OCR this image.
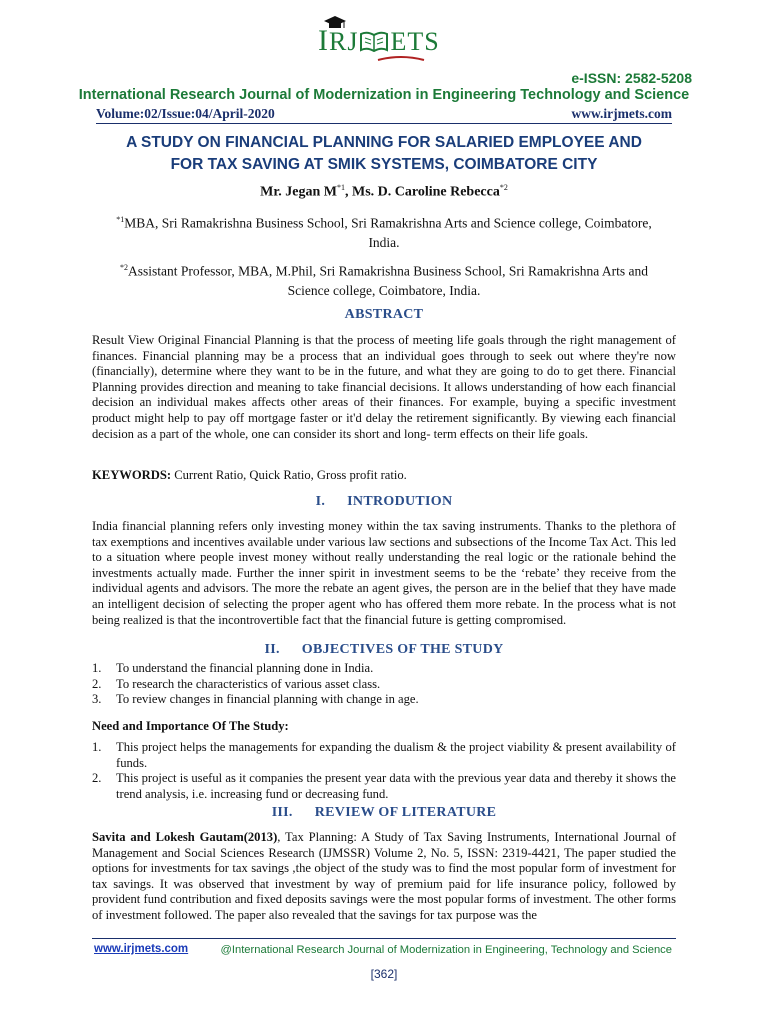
IRJ ETS
e-ISSN: 2582-5208
International Research Journal of Modernization in Engineering Technology and Science
Volume:02/Issue:04/April-2020	www.irjmets.com
A STUDY ON FINANCIAL PLANNING FOR SALARIED EMPLOYEE AND
FOR TAX SAVING AT SMIK SYSTEMS, COIMBATORE CITY
Mr. Jegan $M^{*1}$, Ms. D. Caroline Rebecca$^{*2}$
$^{*1}$MBA, Sri Ramakrishna Business School, Sri Ramakrishna Arts and Science college, Coimbatore, India.
$^{*2}$Assistant Professor, MBA, M.Phil, Sri Ramakrishna Business School, Sri Ramakrishna Arts and Science college, Coimbatore, India.
ABSTRACT

Result View Original Financial Planning is that the process of meeting life goals through the right management of finances. Financial planning may be a process that an individual goes through to seek out where they're now (financially), determine where they want to be in the future, and what they are going to do to get there. Financial Planning provides direction and meaning to take financial decisions. It allows understanding of how each financial decision an individual makes affects other areas of their finances. For example, buying a specific investment product might help to pay off mortgage faster or it'd delay the retirement significantly. By viewing each financial decision as a part of the whole, one can consider its short and long- term effects on their life goals.

KEYWORDS: Current Ratio, Quick Ratio, Gross profit ratio.
I. INTRODUTION

India financial planning refers only investing money within the tax saving instruments. Thanks to the plethora of tax exemptions and incentives available under various law sections and subsections of the Income Tax Act. This led to a situation where people invest money without really understanding the real logic or the rationale behind the investments actually made. Further the inner spirit in investment seems to be the ‘rebate’ they receive from the individual agents and advisors. The more the rebate an agent gives, the person are in the belief that they have made an intelligent decision of selecting the proper agent who has offered them more rebate. In the process what is not being realized is that the incontrovertible fact that the financial future is getting compromised.

II. OBJECTIVES OF THE STUDY
1. To understand the financial planning done in India.
2. To research the characteristics of various asset class.
3. To review changes in financial planning with change in age.
Need and Importance Of The Study:
1. This project helps the managements for expanding the dualism & the project viability & present availability of funds.
2. This project is useful as it companies the present year data with the previous year data and thereby it shows the trend analysis, i.e. increasing fund or decreasing fund.
III. REVIEW OF LITERATURE

Savita and Lokesh Gautam(2013), Tax Planning: A Study of Tax Saving Instruments, International Journal of Management and Social Sciences Research (IJMSSR) Volume 2, No. 5, ISSN: 2319-4421, The paper studied the options for investments for tax savings ,the object of the study was to find the most popular form of investment for tax savings. It was observed that investment by way of premium paid for life insurance policy, followed by provident fund contribution and fixed deposits savings were the most popular forms of investment. The other forms of investment followed. The paper also revealed that the savings for tax purpose was the

www.irjmets.com	@International Research Journal of Modernization in Engineering, Technology and Science
[362]
